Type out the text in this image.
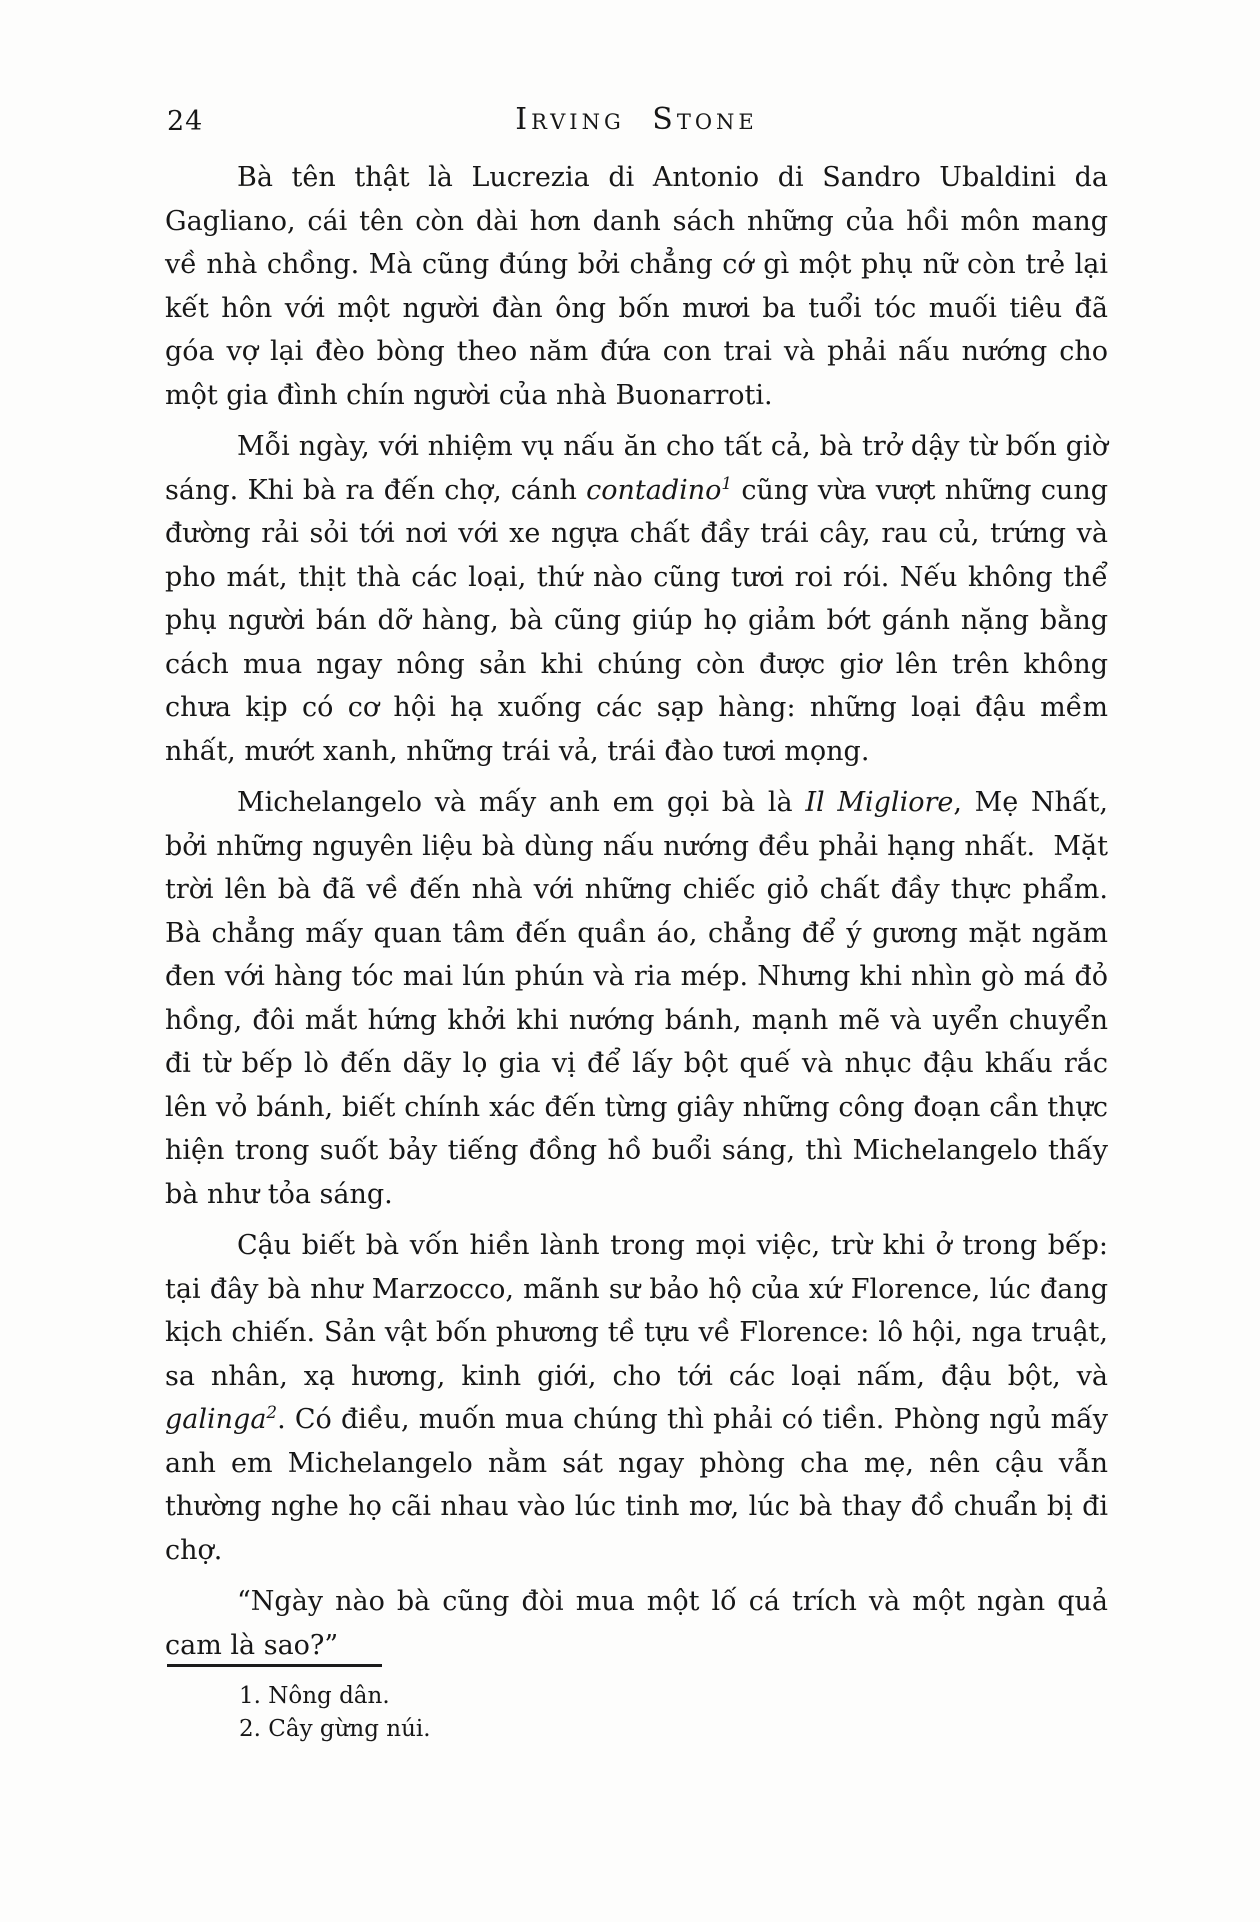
24	Irving Stone

Bà tên thật là Lucrezia di Antonio di Sandro Ubaldini da Gagliano, cái tên còn dài hơn danh sách những của hồi môn mang về nhà chồng. Mà cũng đúng bởi chẳng cớ gì một phụ nữ còn trẻ lại kết hôn với một người đàn ông bốn mươi ba tuổi tóc muối tiêu đã góa vợ lại đèo bòng theo năm đứa con trai và phải nấu nướng cho một gia đình chín người của nhà Buonarroti.

Mỗi ngày, với nhiệm vụ nấu ăn cho tất cả, bà trở dậy từ bốn giờ sáng. Khi bà ra đến chợ, cánh contadino$^1$ cũng vừa vượt những cung đường rải sỏi tới nơi với xe ngựa chất đầy trái cây, rau củ, trứng và pho mát, thịt thà các loại, thứ nào cũng tươi roi rói. Nếu không thể phụ người bán dỡ hàng, bà cũng giúp họ giảm bớt gánh nặng bằng cách mua ngay nông sản khi chúng còn được giơ lên trên không chưa kịp có cơ hội hạ xuống các sạp hàng: những loại đậu mềm nhất, mướt xanh, những trái vả, trái đào tươi mọng.

Michelangelo và mấy anh em gọi bà là Il Migliore, Mẹ Nhất, bởi những nguyên liệu bà dùng nấu nướng đều phải hạng nhất.  Mặt trời lên bà đã về đến nhà với những chiếc giỏ chất đầy thực phẩm. Bà chẳng mấy quan tâm đến quần áo, chẳng để ý gương mặt ngăm đen với hàng tóc mai lún phún và ria mép. Nhưng khi nhìn gò má đỏ hồng, đôi mắt hứng khởi khi nướng bánh, mạnh mẽ và uyển chuyển đi từ bếp lò đến dãy lọ gia vị để lấy bột quế và nhục đậu khấu rắc lên vỏ bánh, biết chính xác đến từng giây những công đoạn cần thực hiện trong suốt bảy tiếng đồng hồ buổi sáng, thì Michelangelo thấy bà như tỏa sáng.

Cậu biết bà vốn hiền lành trong mọi việc, trừ khi ở trong bếp: tại đây bà như Marzocco, mãnh sư bảo hộ của xứ Florence, lúc đang kịch chiến. Sản vật bốn phương tề tựu về Florence: lô hội, nga truật, sa nhân, xạ hương, kinh giới, cho tới các loại nấm, đậu bột, và galinga$^2$. Có điều, muốn mua chúng thì phải có tiền. Phòng ngủ mấy anh em Michelangelo nằm sát ngay phòng cha mẹ, nên cậu vẫn thường nghe họ cãi nhau vào lúc tinh mơ, lúc bà thay đồ chuẩn bị đi chợ.

“Ngày nào bà cũng đòi mua một lố cá trích và một ngàn quả cam là sao?”

1. Nông dân.

2. Cây gừng núi.
